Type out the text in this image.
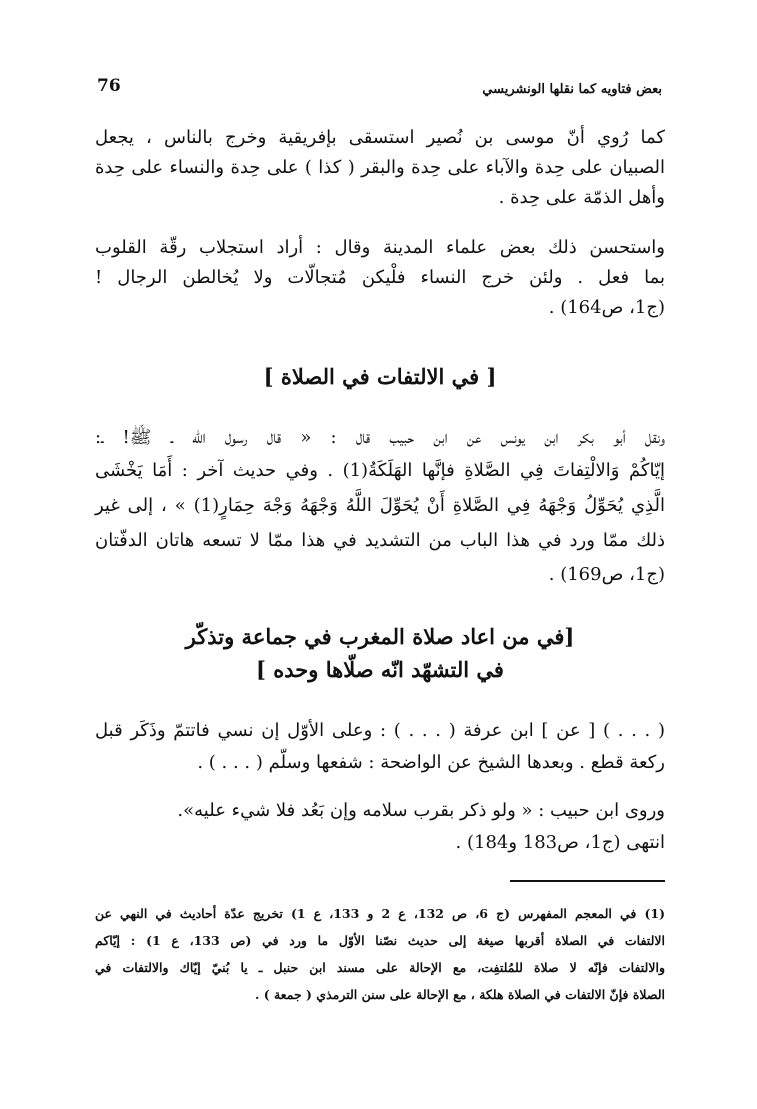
بعض فتاويه كما نقلها الونشريسي
76
كما رُوي أنّ موسى بن نُصير استسقى بإفريقية وخرج بالناس ، يجعل
الصبيان على حِدة والآباء على حِدة والبقر ( كذا ) على حِدة والنساء على حِدة
وأهل الذمّة على حِدة .
واستحسن ذلك بعض علماء المدينة وقال : أراد استجلاب رقّة القلوب
بما فعل . ولئن خرج النساء فلْيكن مُتجالّات ولا يُخالطن الرجال !
(ج1، ص164) .
[ في الالتفات في الصلاة ]
ونقل أبو بكر ابن يونس عن ابن حبيب قال : « قال رسول اللّه ـ ﷺ! ـ:
إيّاكُمْ وَالالْتِفاتَ فِي الصَّلاةِ فإنَّها الهَلَكَةُ(1) . وفي حديث آخر : أَمَا يَخْشَى
الَّذِي يُحَوِّلُ وَجْهَهُ فِي الصَّلاةِ أَنْ يُحَوِّلَ اللَّهُ وَجْهَهُ وَجْهَ حِمَارٍ(1) » ، إلى غير
ذلك ممّا ورد في هذا الباب من التشديد في هذا ممّا لا تسعه هاتان الدفّتان
(ج1، ص169) .
[في من اعاد صلاة المغرب في جماعة وتذكّر
في التشهّد انّه صلّاها وحده ]
( . . . ) [ عن ] ابن عرفة ( . . . ) : وعلى الأوّل إن نسي فاتتمّ وذَكَر قبل
ركعة قطع . وبعدها الشيخ عن الواضحة : شفعها وسلّم ( . . . ) .
وروى ابن حبيب : « ولو ذكر بقرب سلامه وإن بَعُد فلا شيء عليه».
انتهى (ج1، ص183 و184) .
(1) في المعجم المفهرس (ج 6، ص 132، ع 2 و 133، ع 1) تخريج عدّة أحاديث في النهي عن
الالتفات في الصلاة أقربها صيغة إلى حديث نصّنا الأوّل ما ورد في (ص 133، ع 1) : إيّاكم
والالتفات فإنّه لا صلاة للمُلتفِت، مع الإحالة على مسند ابن حنبل ـ يا بُنيّ إيّاك والالتفات في
الصلاة فإنّ الالتفات في الصلاة هلكة ، مع الإحالة على سنن الترمذي ( جمعة ) .
